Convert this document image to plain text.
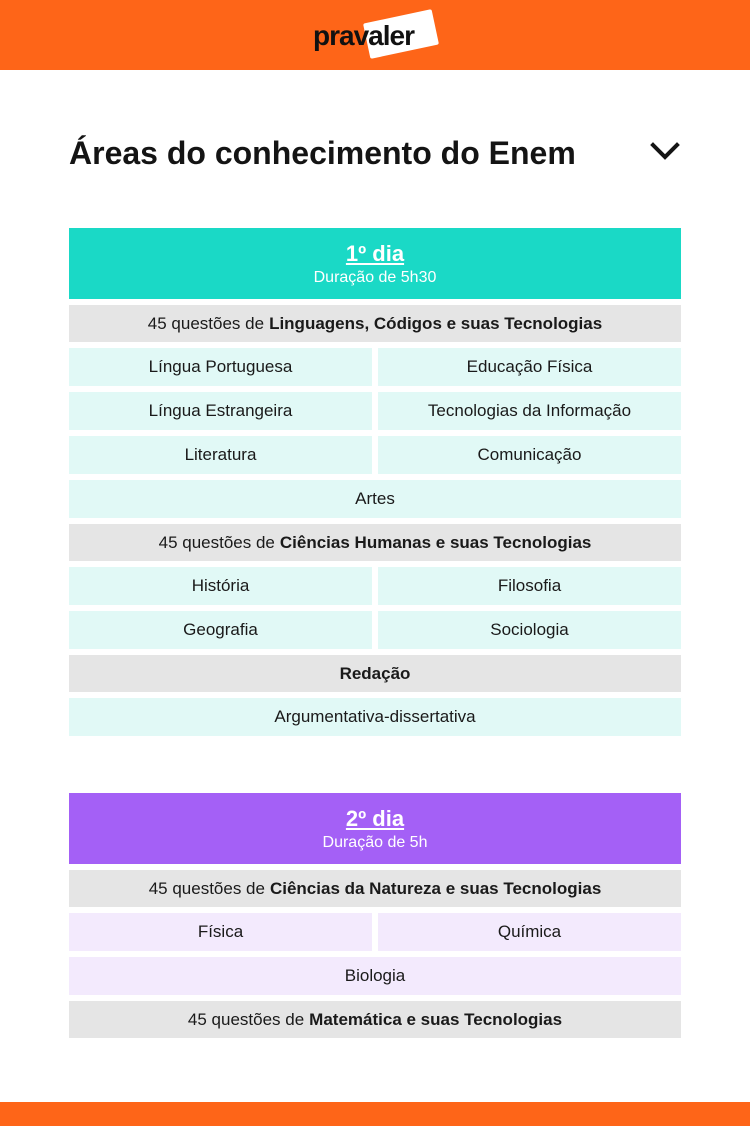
pravaler
Áreas do conhecimento do Enem
1º dia
Duração de 5h30
45 questões de Linguagens, Códigos e suas Tecnologias
Língua Portuguesa	Educação Física
Língua Estrangeira	Tecnologias da Informação
Literatura	Comunicação
Artes
45 questões de Ciências Humanas e suas Tecnologias
História	Filosofia
Geografia	Sociologia
Redação
Argumentativa-dissertativa
2º dia
Duração de 5h
45 questões de Ciências da Natureza e suas Tecnologias
Física	Química
Biologia
45 questões de Matemática e suas Tecnologias
